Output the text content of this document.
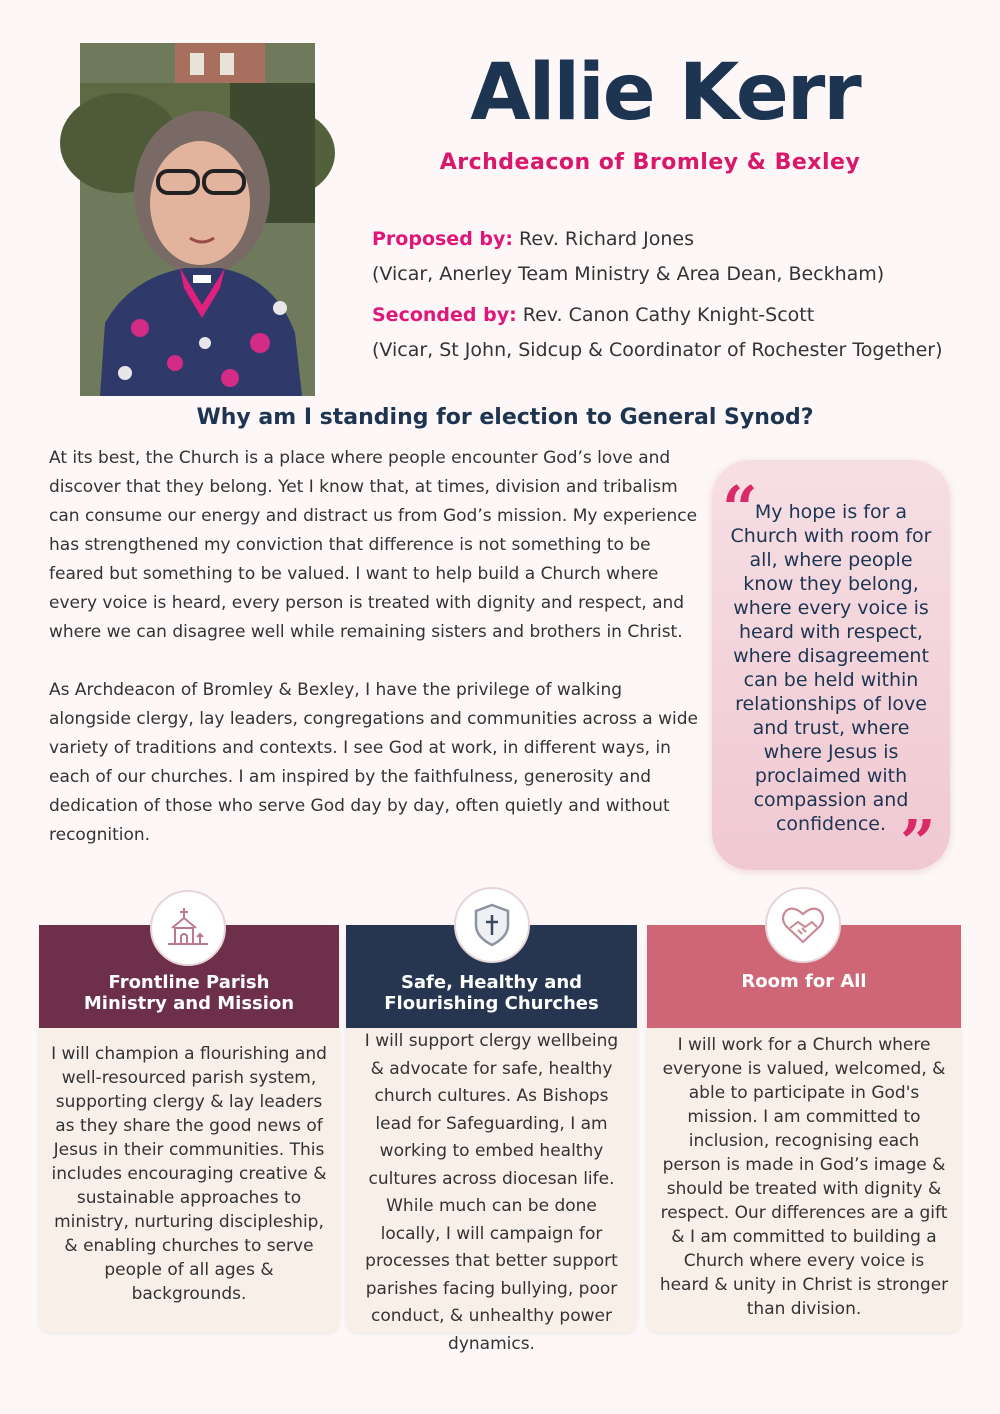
Allie Kerr
Archdeacon of Bromley & Bexley

Proposed by: Rev. Richard Jones

(Vicar, Anerley Team Ministry & Area Dean, Beckham)

Seconded by: Rev. Canon Cathy Knight-Scott

(Vicar, St John, Sidcup & Coordinator of Rochester Together)

Why am I standing for election to General Synod?

At its best, the Church is a place where people encounter God’s love and discover that they belong. Yet I know that, at times, division and tribalism can consume our energy and distract us from God’s mission. My experience has strengthened my conviction that difference is not something to be feared but something to be valued. I want to help build a Church where every voice is heard, every person is treated with dignity and respect, and where we can disagree well while remaining sisters and brothers in Christ.

As Archdeacon of Bromley & Bexley, I have the privilege of walking alongside clergy, lay leaders, congregations and communities across a wide variety of traditions and contexts. I see God at work, in different ways, in each of our churches. I am inspired by the faithfulness, generosity and dedication of those who serve God day by day, often quietly and without recognition.

“
My hope is for a Church with room for all, where people know they belong, where every voice is heard with respect, where disagreement can be held within relationships of love and trust, where where Jesus is proclaimed with compassion and confidence. ”

Frontline Parish
Ministry and Mission

I will champion a flourishing and well-resourced parish system, supporting clergy & lay leaders as they share the good news of Jesus in their communities. This includes encouraging creative & sustainable approaches to ministry, nurturing discipleship, & enabling churches to serve people of all ages & backgrounds.

Safe, Healthy and
Flourishing Churches

I will support clergy wellbeing & advocate for safe, healthy church cultures. As Bishops lead for Safeguarding, I am working to embed healthy cultures across diocesan life. While much can be done locally, I will campaign for processes that better support parishes facing bullying, poor conduct, & unhealthy power dynamics.

Room for All

I will work for a Church where everyone is valued, welcomed, & able to participate in God's mission. I am committed to inclusion, recognising each person is made in God’s image & should be treated with dignity & respect. Our differences are a gift & I am committed to building a Church where every voice is heard & unity in Christ is stronger than division.
